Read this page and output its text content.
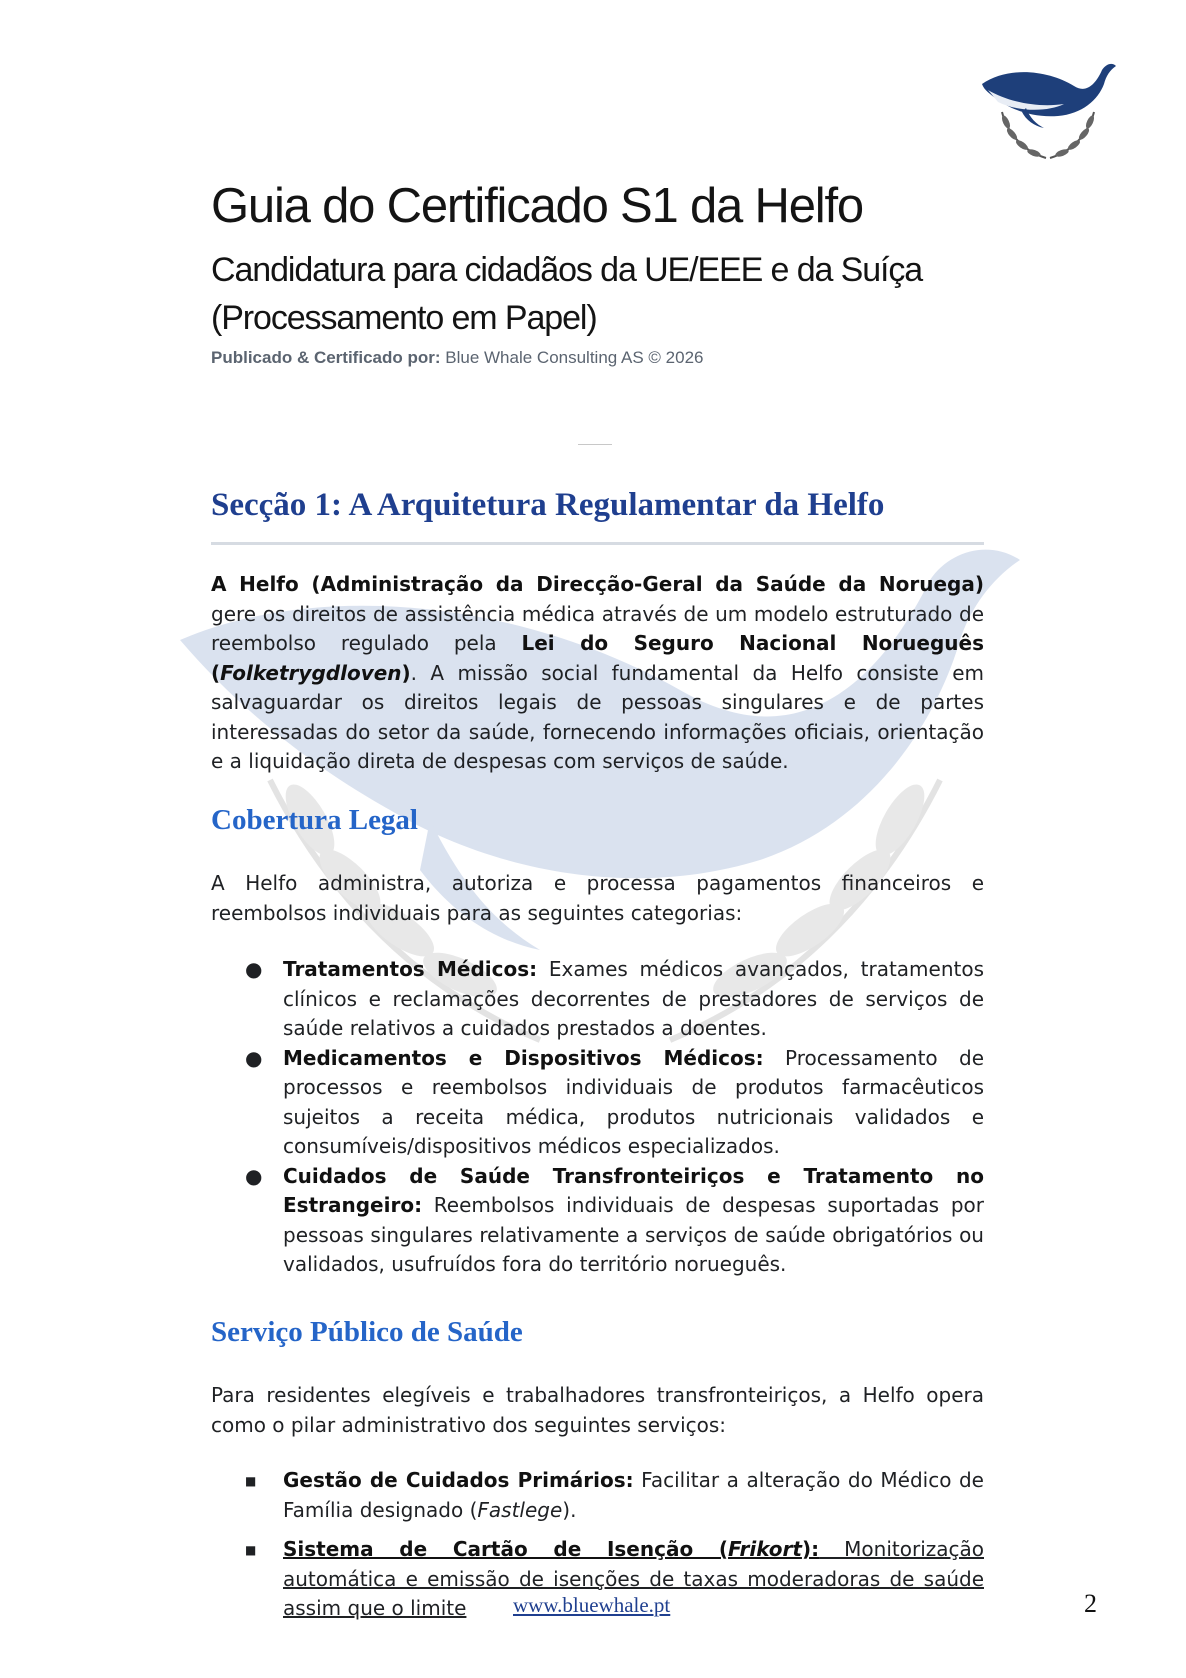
Guia do Certificado S1 da Helfo
Candidatura para cidadãos da UE/EEE e da Suíça
(Processamento em Papel)
Publicado & Certificado por: Blue Whale Consulting AS © 2026
Secção 1: A Arquitetura Regulamentar da Helfo

A Helfo (Administração da Direcção-Geral da Saúde da Noruega) gere os direitos de assistência médica através de um modelo estruturado de reembolso regulado pela Lei do Seguro Nacional Norueguês (Folketrygdloven). A missão social fundamental da Helfo consiste em salvaguardar os direitos legais de pessoas singulares e de partes interessadas do setor da saúde, fornecendo informações oficiais, orientação e a liquidação direta de despesas com serviços de saúde.

Cobertura Legal

A Helfo administra, autoriza e processa pagamentos financeiros e reembolsos individuais para as seguintes categorias:

● Tratamentos Médicos: Exames médicos avançados, tratamentos clínicos e reclamações decorrentes de prestadores de serviços de saúde relativos a cuidados prestados a doentes.
● Medicamentos e Dispositivos Médicos: Processamento de processos e reembolsos individuais de produtos farmacêuticos sujeitos a receita médica, produtos nutricionais validados e consumíveis/dispositivos médicos especializados.
● Cuidados de Saúde Transfronteiriços e Tratamento no Estrangeiro: Reembolsos individuais de despesas suportadas por pessoas singulares relativamente a serviços de saúde obrigatórios ou validados, usufruídos fora do território norueguês.
Serviço Público de Saúde

Para residentes elegíveis e trabalhadores transfronteiriços, a Helfo opera como o pilar administrativo dos seguintes serviços:

■ Gestão de Cuidados Primários: Facilitar a alteração do Médico de Família designado (Fastlege).
■ Sistema de Cartão de Isenção (Frikort): Monitorização automática e emissão de isenções de taxas moderadoras de saúde assim que o limite	www.bluewhale.pt	2
